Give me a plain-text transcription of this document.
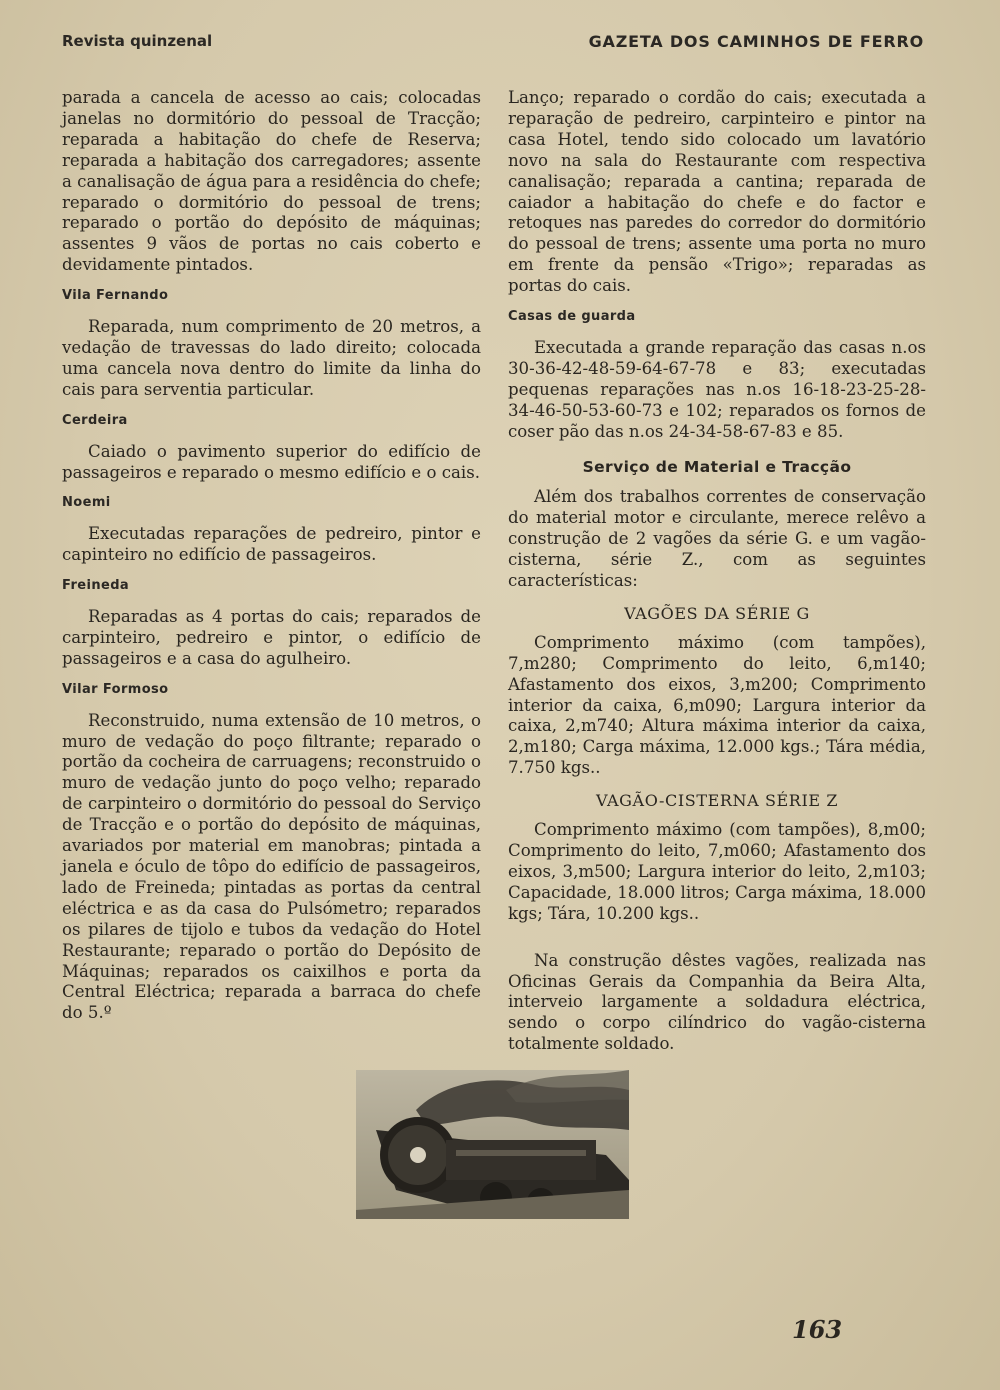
Revista quinzenal	GAZETA DOS CAMINHOS DE FERRO

parada a cancela de acesso ao cais; colocadas janelas no dormitório do pessoal de Tracção; reparada a habitação do chefe de Reserva; reparada a habitação dos carregadores; assente a canalisação de água para a residência do chefe; reparado o dormitório do pessoal de trens; reparado o portão do depósito de máquinas; assentes 9 vãos de portas no cais coberto e devidamente pintados.

Vila Fernando

Reparada, num comprimento de 20 metros, a vedação de travessas do lado direito; colocada uma cancela nova dentro do limite da linha do cais para serventia particular.

Cerdeira

Caiado o pavimento superior do edifício de passageiros e reparado o mesmo edifício e o cais.

Noemi

Executadas reparações de pedreiro, pintor e capinteiro no edifício de passageiros.

Freineda

Reparadas as 4 portas do cais; reparados de carpinteiro, pedreiro e pintor, o edifício de passageiros e a casa do agulheiro.

Vilar Formoso

Reconstruido, numa extensão de 10 metros, o muro de vedação do poço filtrante; reparado o portão da cocheira de carruagens; reconstruido o muro de vedação junto do poço velho; reparado de carpinteiro o dormitório do pessoal do Serviço de Tracção e o portão do depósito de máquinas, avariados por material em manobras; pintada a janela e óculo de tôpo do edifício de passageiros, lado de Freineda; pintadas as portas da central eléctrica e as da casa do Pulsómetro; reparados os pilares de tijolo e tubos da vedação do Hotel Restaurante; reparado o portão do Depósito de Máquinas; reparados os caixilhos e porta da Central Eléctrica; reparada a barraca do chefe do 5.º

Lanço; reparado o cordão do cais; executada a reparação de pedreiro, carpinteiro e pintor na casa Hotel, tendo sido colocado um lavatório novo na sala do Restaurante com respectiva canalisação; reparada a cantina; reparada de caiador a habitação do chefe e do factor e retoques nas paredes do corredor do dormitório do pessoal de trens; assente uma porta no muro em frente da pensão «Trigo»; reparadas as portas do cais.

Casas de guarda

Executada a grande reparação das casas n.os 30-36-42-48-59-64-67-78 e 83; executadas pequenas reparações nas n.os 16-18-23-25-28-34-46-50-53-60-73 e 102; reparados os fornos de coser pão das n.os 24-34-58-67-83 e 85.

Serviço de Material e Tracção

Além dos trabalhos correntes de conservação do material motor e circulante, merece relêvo a construção de 2 vagões da série G. e um vagão-cisterna, série Z., com as seguintes características:

VAGÕES DA SÉRIE G

Comprimento máximo (com tampões), 7,m280; Comprimento do leito, 6,m140; Afastamento dos eixos, 3,m200; Comprimento interior da caixa, 6,m090; Largura interior da caixa, 2,m740; Altura máxima interior da caixa, 2,m180; Carga máxima, 12.000 kgs.; Tára média, 7.750 kgs..

VAGÃO-CISTERNA SÉRIE Z

Comprimento máximo (com tampões), 8,m00; Comprimento do leito, 7,m060; Afastamento dos eixos, 3,m500; Largura interior do leito, 2,m103; Capacidade, 18.000 litros; Carga máxima, 18.000 kgs; Tára, 10.200 kgs..

Na construção dêstes vagões, realizada nas Oficinas Gerais da Companhia da Beira Alta, interveio largamente a soldadura eléctrica, sendo o corpo cilíndrico do vagão-cisterna totalmente soldado.

163
